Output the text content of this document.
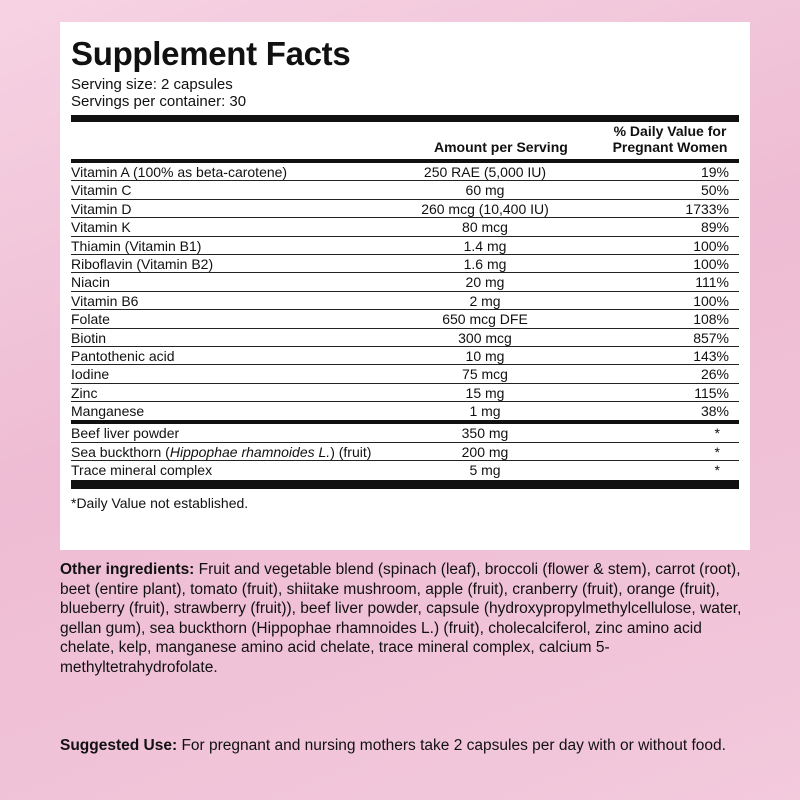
Supplement Facts
Serving size: 2 capsules
Servings per container: 30
Amount per Serving
% Daily Value for
Pregnant Women
Vitamin A (100% as beta-carotene)	250 RAE (5,000 IU)	19%
Vitamin C	60 mg	50%
Vitamin D	260 mcg (10,400 IU)	1733%
Vitamin K	80 mcg	89%
Thiamin (Vitamin B1)	1.4 mg	100%
Riboflavin (Vitamin B2)	1.6 mg	100%
Niacin	20 mg	111%
Vitamin B6	2 mg	100%
Folate	650 mcg DFE	108%
Biotin	300 mcg	857%
Pantothenic acid	10 mg	143%
Iodine	75 mcg	26%
Zinc	15 mg	115%
Manganese	1 mg	38%
Beef liver powder	350 mg	*
Sea buckthorn (Hippophae rhamnoides L.) (fruit)	200 mg	*
Trace mineral complex	5 mg	*
*Daily Value not established.
Other ingredients: Fruit and vegetable blend (spinach (leaf), broccoli (flower & stem), carrot (root), beet (entire plant), tomato (fruit), shiitake mushroom, apple (fruit), cranberry (fruit), orange (fruit), blueberry (fruit), strawberry (fruit)), beef liver powder, capsule (hydroxypropylmethylcellulose, water, gellan gum), sea buckthorn (Hippophae rhamnoides L.) (fruit), cholecalciferol, zinc amino acid chelate, kelp, manganese amino acid chelate, trace mineral complex, calcium 5-methyltetrahydrofolate.
Suggested Use: For pregnant and nursing mothers take 2 capsules per day with or without food.
